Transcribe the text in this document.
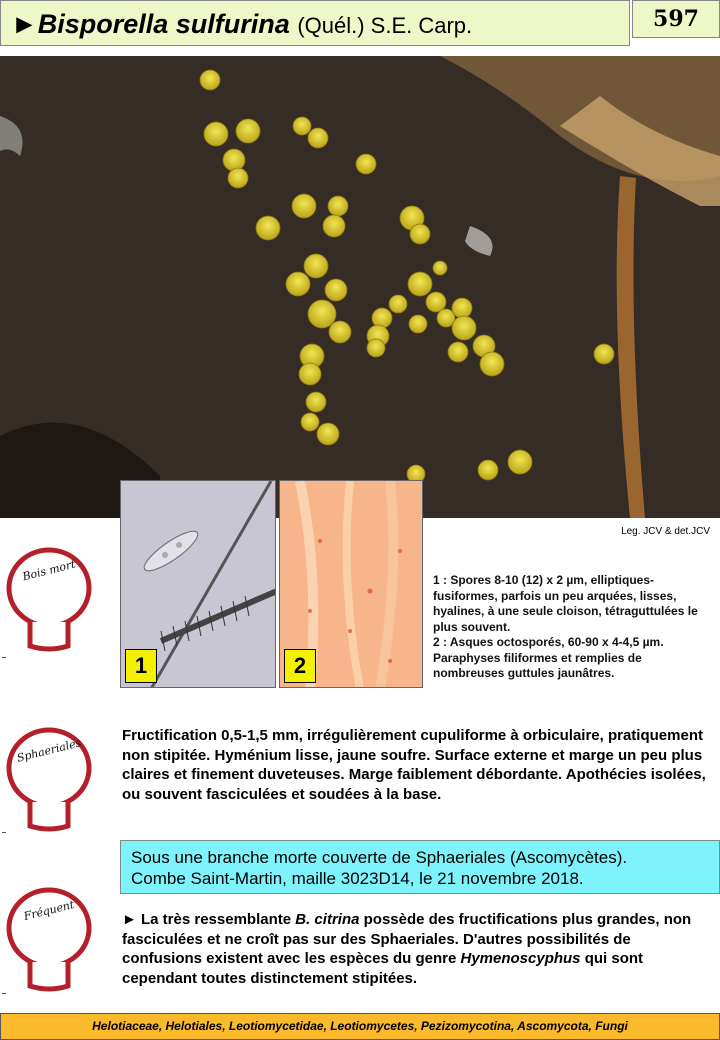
►Bisporella sulfurina (Quél.) S.E. Carp.	597
Leg. JCV & det.JCV
1	2
1 : Spores 8-10 (12) x 2 µm, elliptiques-fusiformes, parfois un peu arquées, lisses, hyalines, à une seule cloison, tétraguttulées le plus souvent.
2 : Asques octosporés, 60-90 x 4-4,5 µm. Paraphyses filiformes et remplies de nombreuses guttules jaunâtres.
Bois mort
Sphaeriales
Fréquent
Fructification 0,5-1,5 mm, irrégulièrement cupuliforme à orbiculaire, pratiquement non stipitée. Hyménium lisse, jaune soufre. Surface externe et marge un peu plus claires et finement duveteuses. Marge faiblement débordante. Apothécies isolées, ou souvent fasciculées et soudées à la base.
Sous une branche morte couverte de Sphaeriales (Ascomycètes).
Combe Saint-Martin, maille 3023D14, le 21 novembre 2018.
► La très ressemblante B. citrina possède des fructifications plus grandes, non fasciculées et ne croît pas sur des Sphaeriales. D'autres possibilités de confusions existent avec les espèces du genre Hymenoscyphus qui sont cependant toutes distinctement stipitées.
Helotiaceae, Helotiales, Leotiomycetidae, Leotiomycetes, Pezizomycotina, Ascomycota, Fungi
